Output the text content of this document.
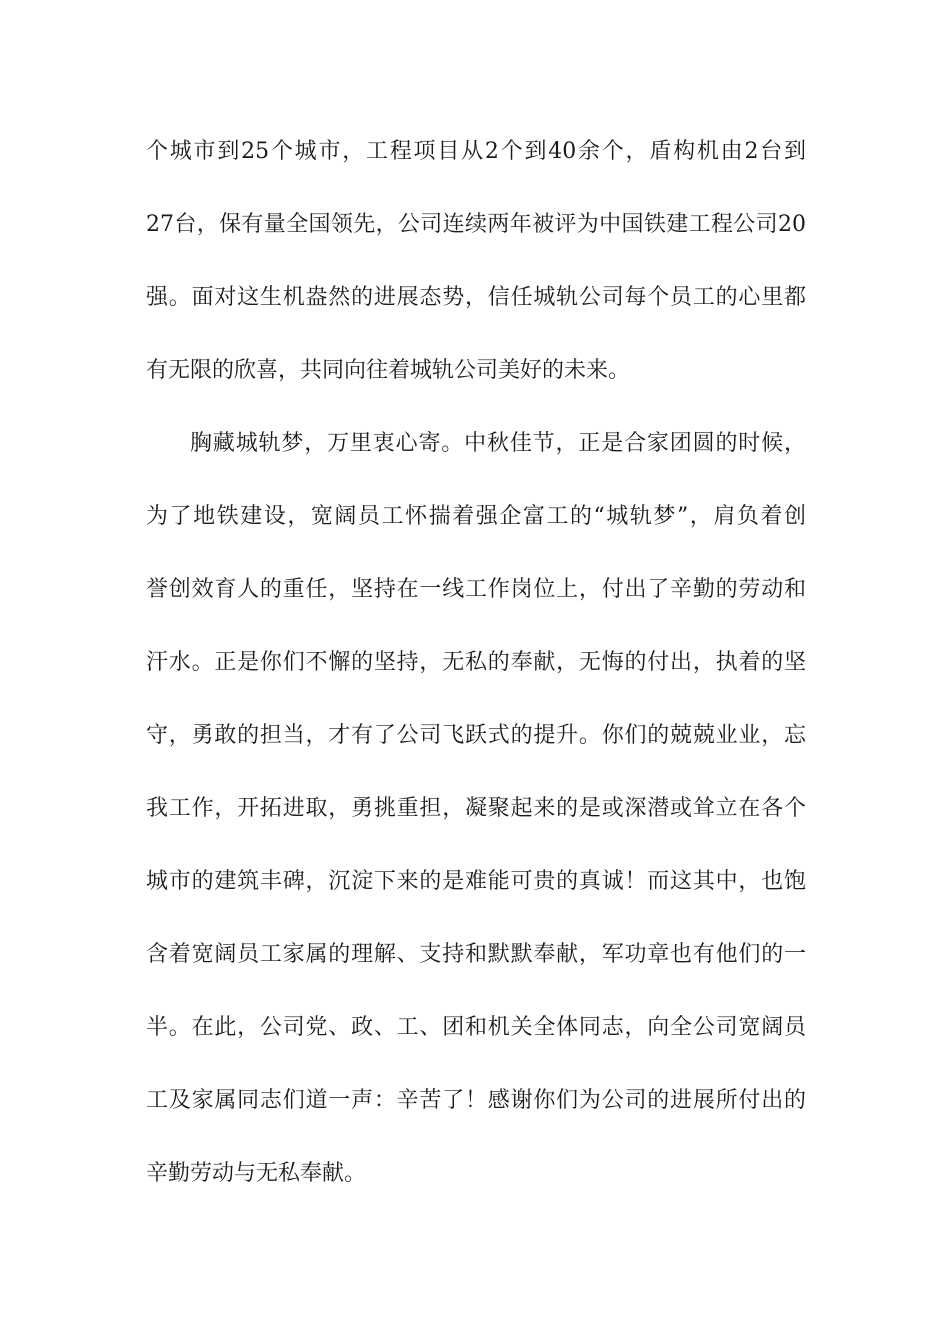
个城市到25个城市，工程项目从2个到40余个，盾构机由2台到
27台，保有量全国领先，公司连续两年被评为中国铁建工程公司20
强。面对这生机盎然的进展态势，信任城轨公司每个员工的心里都
有无限的欣喜，共同向往着城轨公司美好的未来。
胸藏城轨梦，万里衷心寄。中秋佳节，正是合家团圆的时候，
为了地铁建设，宽阔员工怀揣着强企富工的“城轨梦”，肩负着创
誉创效育人的重任，坚持在一线工作岗位上，付出了辛勤的劳动和
汗水。正是你们不懈的坚持，无私的奉献，无悔的付出，执着的坚
守，勇敢的担当，才有了公司飞跃式的提升。你们的兢兢业业，忘
我工作，开拓进取，勇挑重担，凝聚起来的是或深潜或耸立在各个
城市的建筑丰碑，沉淀下来的是难能可贵的真诚！而这其中，也饱
含着宽阔员工家属的理解、支持和默默奉献，军功章也有他们的一
半。在此，公司党、政、工、团和机关全体同志，向全公司宽阔员
工及家属同志们道一声：辛苦了！感谢你们为公司的进展所付出的
辛勤劳动与无私奉献。
